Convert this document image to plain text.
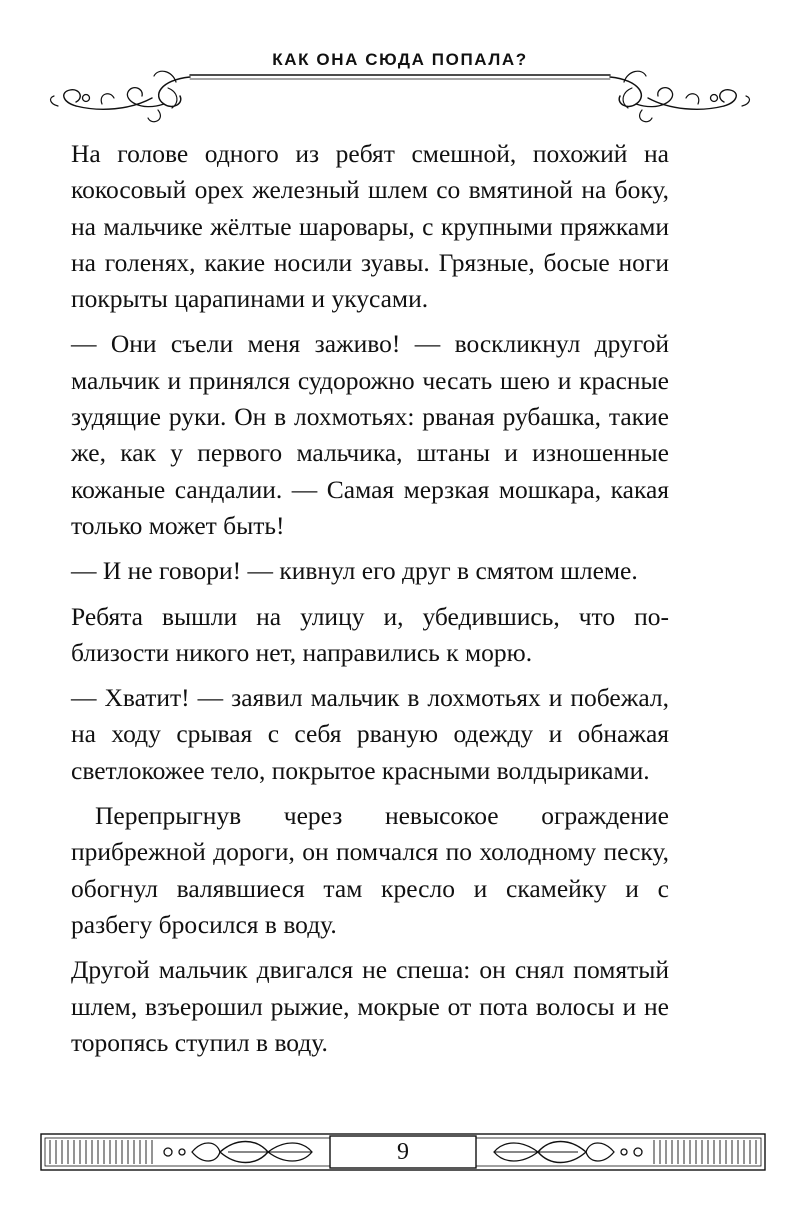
КАК ОНА СЮДА ПОПАЛА?

На голове одного из ребят смешной, похожий на кокосовый орех железный шлем со вмятиной на боку, на мальчике жёлтые шаровары, с крупными пряжками на голенях, какие носили зуавы. Грязные, босые ноги покрыты царапинами и укусами.

— Они съели меня заживо! — воскликнул другой мальчик и принялся судорожно чесать шею и красные зудящие руки. Он в лохмотьях: рваная рубашка, такие же, как у первого мальчика, штаны и изношенные кожаные сандалии. — Самая мерзкая мошкара, какая только может быть!

— И не говори! — кивнул его друг в смятом шлеме.

Ребята вышли на улицу и, убедившись, что поблизости никого нет, направились к морю.

— Хватит! — заявил мальчик в лохмотьях и побежал, на ходу срывая с себя рваную одежду и обнажая светлокожее тело, покрытое красными волдыриками.

Перепрыгнув через невысокое ограждение прибрежной дороги, он помчался по холодному песку, обогнул валявшиеся там кресло и скамейку и с разбегу бросился в воду.

Другой мальчик двигался не спеша: он снял помятый шлем, взъерошил рыжие, мокрые от пота волосы и не торопясь ступил в воду.

9
